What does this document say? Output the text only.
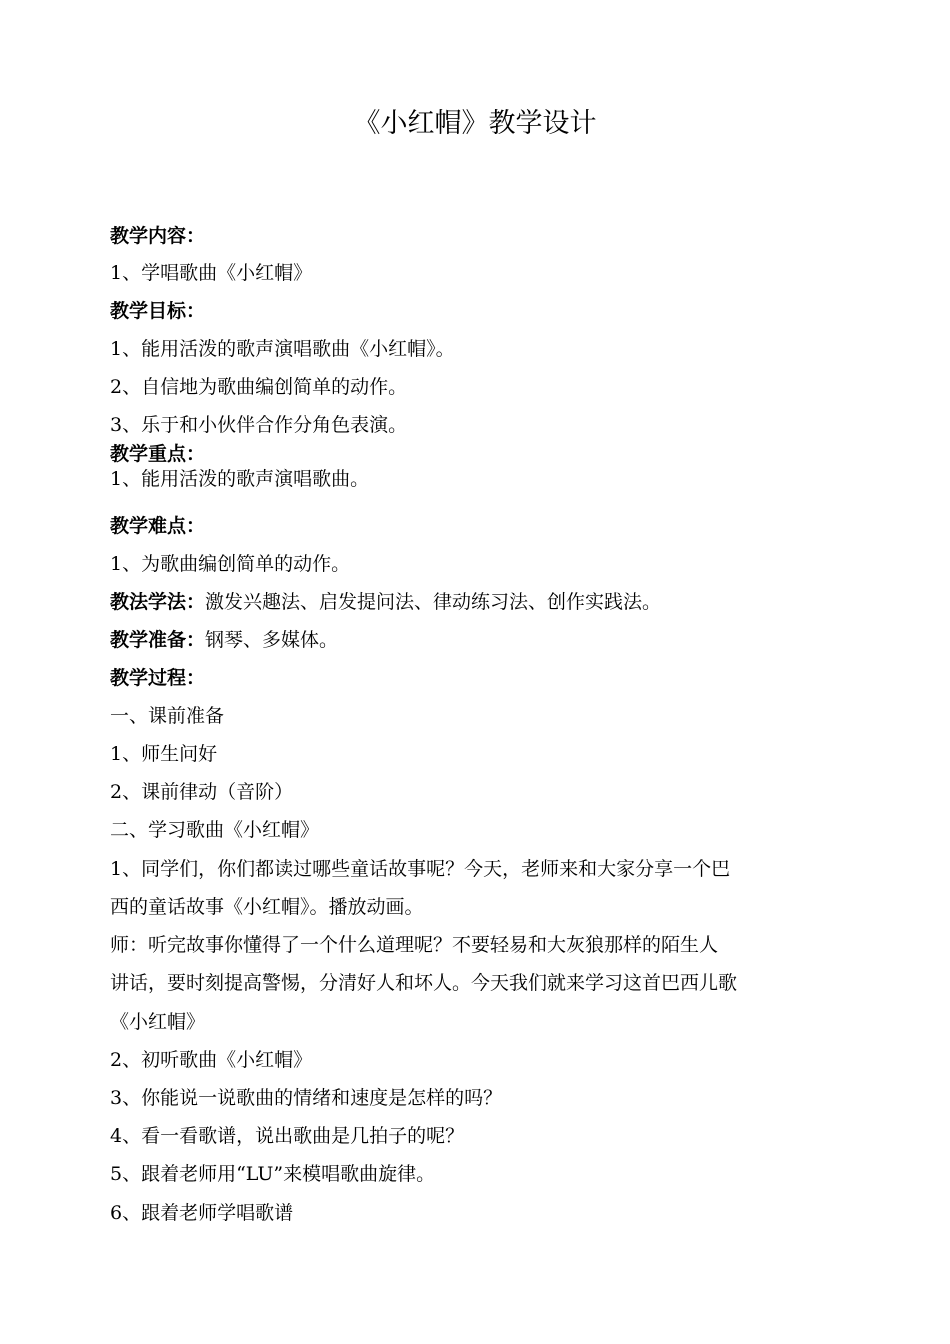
《小红帽》教学设计
教学内容：
1、学唱歌曲《小红帽》
教学目标：
1、能用活泼的歌声演唱歌曲《小红帽》。
2、自信地为歌曲编创简单的动作。
3、乐于和小伙伴合作分角色表演。
教学重点：
1、能用活泼的歌声演唱歌曲。
教学难点：
1、为歌曲编创简单的动作。
教法学法：激发兴趣法、启发提问法、律动练习法、创作实践法。
教学准备：钢琴、多媒体。
教学过程：
一、课前准备
1、师生问好
2、课前律动（音阶）
二、学习歌曲《小红帽》
1、同学们，你们都读过哪些童话故事呢？今天，老师来和大家分享一个巴
西的童话故事《小红帽》。播放动画。
师：听完故事你懂得了一个什么道理呢？不要轻易和大灰狼那样的陌生人
讲话，要时刻提高警惕，分清好人和坏人。今天我们就来学习这首巴西儿歌
《小红帽》
2、初听歌曲《小红帽》
3、你能说一说歌曲的情绪和速度是怎样的吗？
4、看一看歌谱，说出歌曲是几拍子的呢？
5、跟着老师用“LU”来模唱歌曲旋律。
6、跟着老师学唱歌谱
